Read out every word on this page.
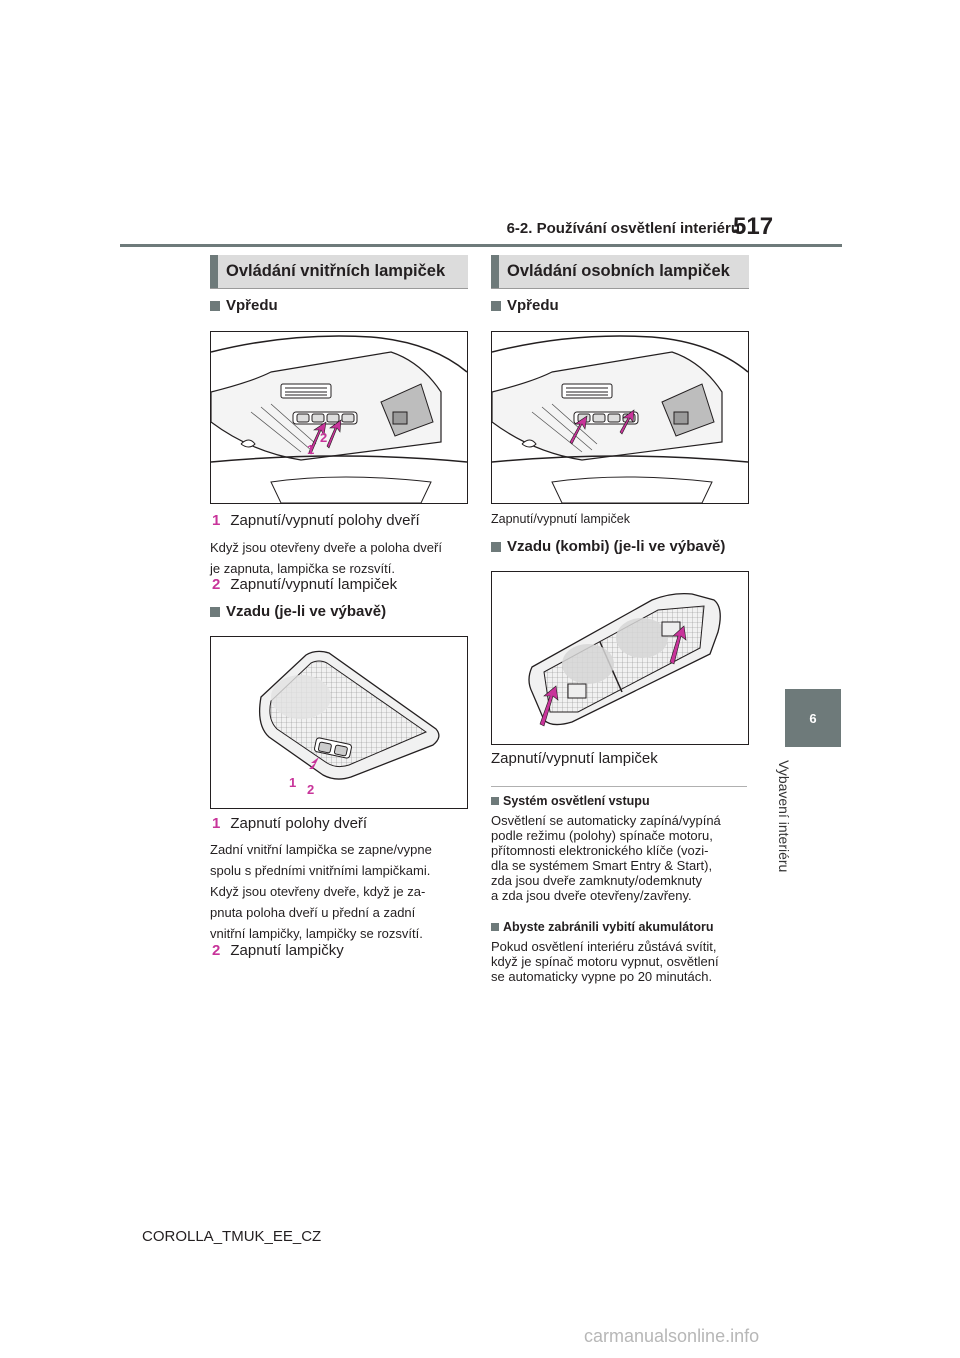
6-2. Používání osvětlení interiéru
517
6
Vybavení interiéru
Ovládání vnitřních lampiček
Vpředu
1
2
1 Zapnutí/vypnutí polohy dveří
Když jsou otevřeny dveře a poloha dveří
je zapnuta, lampička se rozsvítí.
2 Zapnutí/vypnutí lampiček
Vzadu (je-li ve výbavě)
1 2
1 Zapnutí polohy dveří
Zadní vnitřní lampička se zapne/vypne
spolu s předními vnitřními lampičkami.
Když jsou otevřeny dveře, když je za-
pnuta poloha dveří u přední a zadní
vnitřní lampičky, lampičky se rozsvítí.
2 Zapnutí lampičky
Ovládání osobních lampiček
Vpředu
Zapnutí/vypnutí lampiček
Vzadu (kombi) (je-li ve výbavě)
Zapnutí/vypnutí lampiček
Systém osvětlení vstupu
Osvětlení se automaticky zapíná/vypíná
podle režimu (polohy) spínače motoru,
přítomnosti elektronického klíče (vozi-
dla se systémem Smart Entry & Start),
zda jsou dveře zamknuty/odemknuty
a zda jsou dveře otevřeny/zavřeny.
Abyste zabránili vybití akumulátoru
Pokud osvětlení interiéru zůstává svítit,
když je spínač motoru vypnut, osvětlení
se automaticky vypne po 20 minutách.
COROLLA_TMUK_EE_CZ
carmanualsonline.info
